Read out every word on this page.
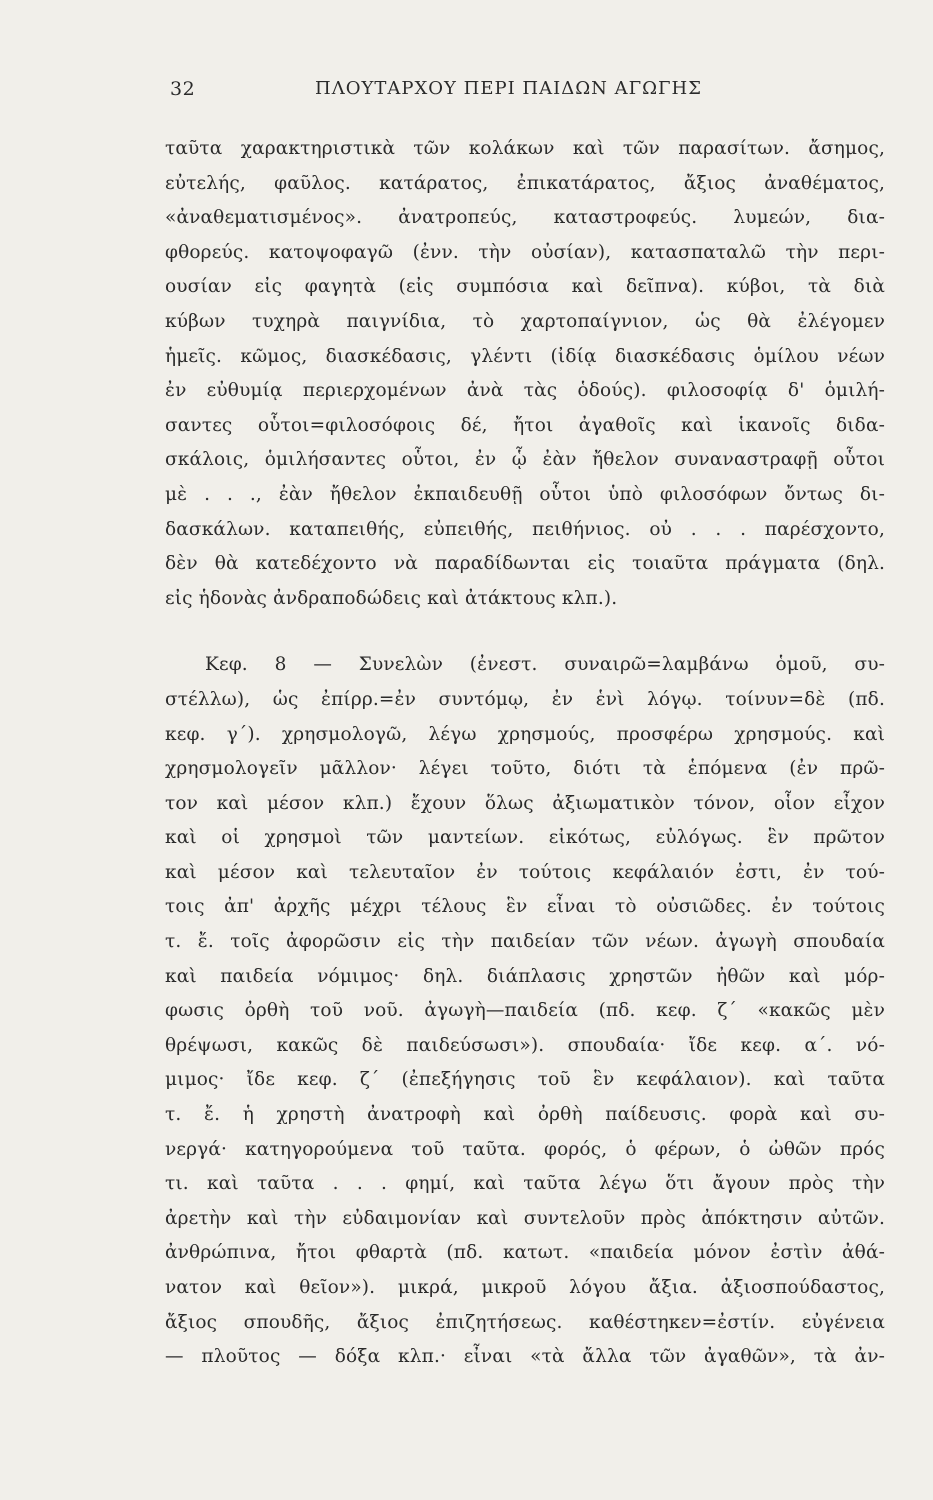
32	ΠΛΟΥΤΑΡΧΟΥ ΠΕΡΙ ΠΑΙΔΩΝ ΑΓΩΓΗΣ
ταῦτα χαρακτηριστικὰ τῶν κολάκων καὶ τῶν παρασίτων. ἄσημος,
εὐτελής, φαῦλος. κατάρατος, ἐπικατάρατος, ἄξιος ἀναθέματος,
«ἀναθεματισμένος». ἀνατροπεύς, καταστροφεύς. λυμεών, δια-
φθορεύς. κατοψοφαγῶ (ἐνν. τὴν οὐσίαν), κατασπαταλῶ τὴν περι-
ουσίαν εἰς φαγητὰ (εἰς συμπόσια καὶ δεῖπνα). κύβοι, τὰ διὰ
κύβων τυχηρὰ παιγνίδια, τὸ χαρτοπαίγνιον, ὡς θὰ ἐλέγομεν
ἡμεῖς. κῶμος, διασκέδασις, γλέντι (ἰδίᾳ διασκέδασις ὁμίλου νέων
ἐν εὐθυμίᾳ περιερχομένων ἀνὰ τὰς ὁδούς). φιλοσοφίᾳ δ' ὁμιλή-
σαντες οὗτοι=φιλοσόφοις δέ, ἤτοι ἀγαθοῖς καὶ ἱκανοῖς διδα-
σκάλοις, ὁμιλήσαντες οὗτοι, ἐν ᾧ ἐὰν ἤθελον συναναστραφῇ οὗτοι
μὲ . . ., ἐὰν ἤθελον ἐκπαιδευθῇ οὗτοι ὑπὸ φιλοσόφων ὄντως δι-
δασκάλων. καταπειθής, εὐπειθής, πειθήνιος. οὐ . . . παρέσχοντο,
δὲν θὰ κατεδέχοντο νὰ παραδίδωνται εἰς τοιαῦτα πράγματα (δηλ.
εἰς ἡδονὰς ἀνδραποδώδεις καὶ ἀτάκτους κλπ.).
Κεφ. 8 — Συνελὼν (ἐνεστ. συναιρῶ=λαμβάνω ὁμοῦ, συ-
στέλλω), ὡς ἐπίρρ.=ἐν συντόμῳ, ἐν ἑνὶ λόγῳ. τοίνυν=δὲ (πδ.
κεφ. γ΄). χρησμολογῶ, λέγω χρησμούς, προσφέρω χρησμούς. καὶ
χρησμολογεῖν μᾶλλον· λέγει τοῦτο, διότι τὰ ἑπόμενα (ἐν πρῶ-
τον καὶ μέσον κλπ.) ἔχουν ὅλως ἀξιωματικὸν τόνον, οἷον εἶχον
καὶ οἱ χρησμοὶ τῶν μαντείων. εἰκότως, εὐλόγως. ἓν πρῶτον
καὶ μέσον καὶ τελευταῖον ἐν τούτοις κεφάλαιόν ἐστι, ἐν τού-
τοις ἀπ' ἀρχῆς μέχρι τέλους ἓν εἶναι τὸ οὐσιῶδες. ἐν τούτοις
τ. ἔ. τοῖς ἀφορῶσιν εἰς τὴν παιδείαν τῶν νέων. ἀγωγὴ σπουδαία
καὶ παιδεία νόμιμος· δηλ. διάπλασις χρηστῶν ἠθῶν καὶ μόρ-
φωσις ὀρθὴ τοῦ νοῦ. ἀγωγὴ—παιδεία (πδ. κεφ. ζ΄ «κακῶς μὲν
θρέψωσι, κακῶς δὲ παιδεύσωσι»). σπουδαία· ἴδε κεφ. α΄. νό-
μιμος· ἴδε κεφ. ζ΄ (ἐπεξήγησις τοῦ ἓν κεφάλαιον). καὶ ταῦτα
τ. ἔ. ἡ χρηστὴ ἀνατροφὴ καὶ ὀρθὴ παίδευσις. φορὰ καὶ συ-
νεργά· κατηγορούμενα τοῦ ταῦτα. φορός, ὁ φέρων, ὁ ὠθῶν πρός
τι. καὶ ταῦτα . . . φημί, καὶ ταῦτα λέγω ὅτι ἄγουν πρὸς τὴν
ἀρετὴν καὶ τὴν εὐδαιμονίαν καὶ συντελοῦν πρὸς ἀπόκτησιν αὐτῶν.
ἀνθρώπινα, ἤτοι φθαρτὰ (πδ. κατωτ. «παιδεία μόνον ἐστὶν ἀθά-
νατον καὶ θεῖον»). μικρά, μικροῦ λόγου ἄξια. ἀξιοσπούδαστος,
ἄξιος σπουδῆς, ἄξιος ἐπιζητήσεως. καθέστηκεν=ἐστίν. εὐγένεια
— πλοῦτος — δόξα κλπ.· εἶναι «τὰ ἄλλα τῶν ἀγαθῶν», τὰ ἀν-
